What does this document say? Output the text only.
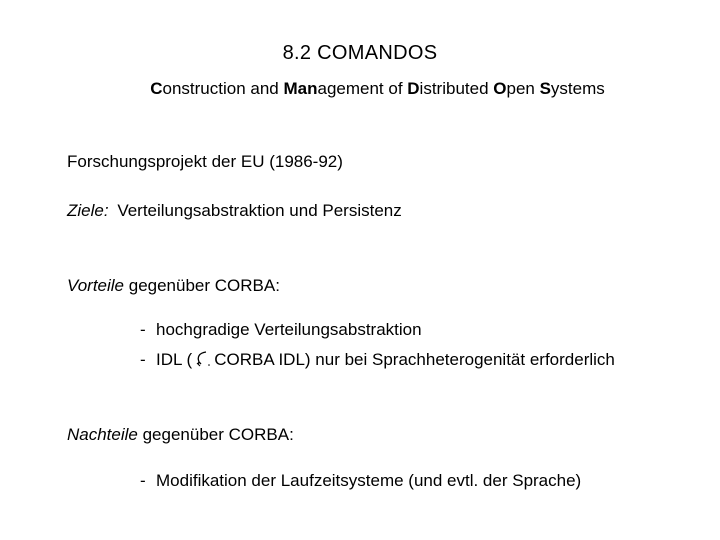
8.2 COMANDOS
Construction and Management of Distributed Open Systems
Forschungsprojekt der EU (1986-92)
Ziele: Verteilungsabstraktion und Persistenz
Vorteile gegenüber CORBA:
- hochgradige Verteilungsabstraktion
- IDL ( CORBA IDL) nur bei Sprachheterogenität erforderlich
Nachteile gegenüber CORBA:
- Modifikation der Laufzeitsysteme (und evtl. der Sprache)
